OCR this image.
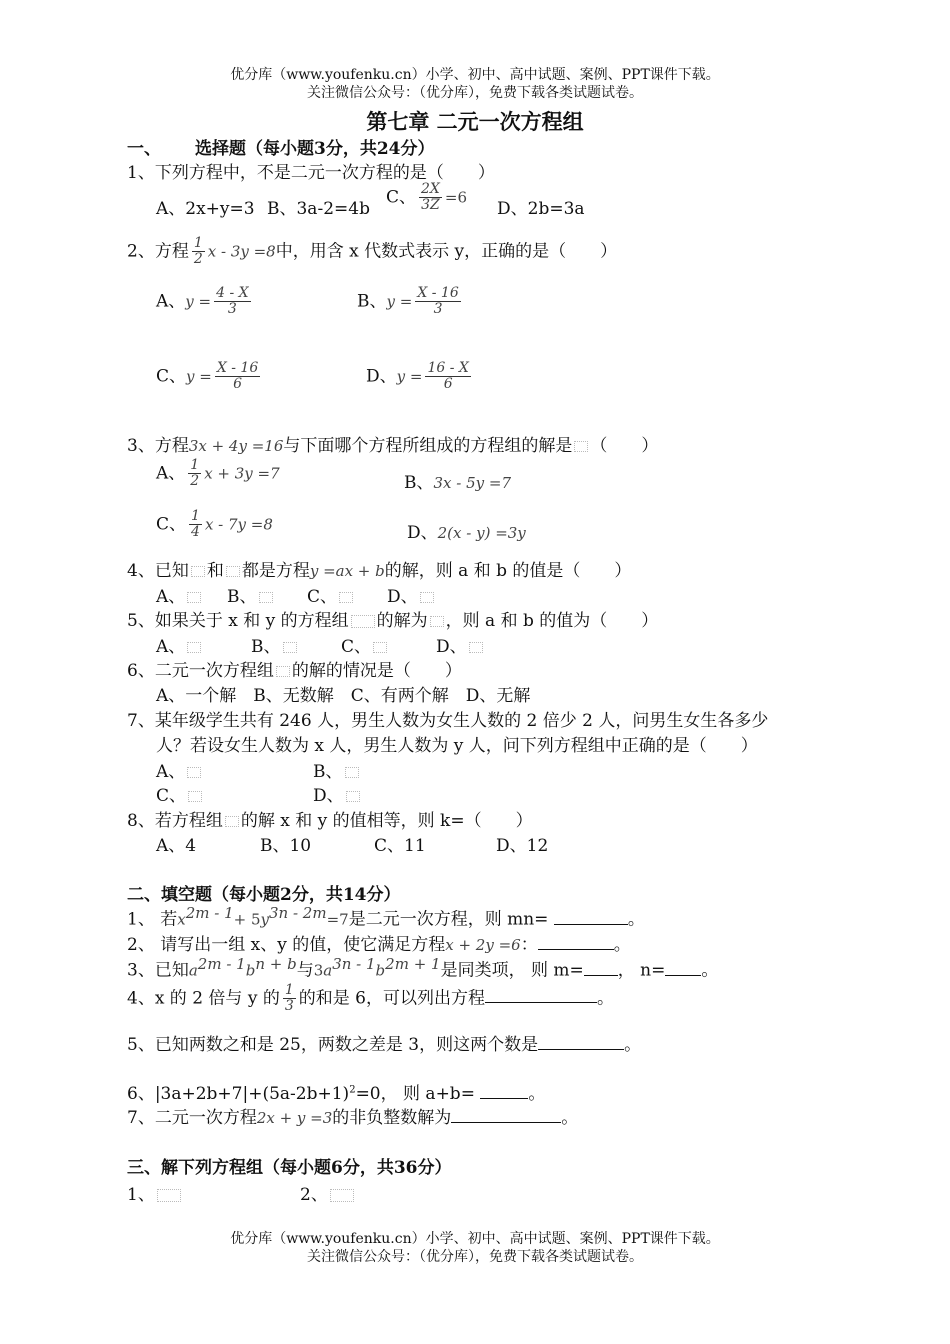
优分库（www.youfenku.cn）小学、初中、高中试题、案例、PPT课件下载。
关注微信公众号：（优分库），免费下载各类试题试卷。
第七章 二元一次方程组
一、 选择题（每小题3分，共24分）
1、下列方程中，不是二元一次方程的是（　　）
A、2x+y=3 B、3a-2=4b
C、 $\frac{2X}{3Z} =6$
D、2b=3a
2、方程 $\frac{1}{2}$ x - 3y =8中，用含 x 代数式表示 y，正确的是（　　）
A、$y = \frac{4 - X}{3}$	B、$y = \frac{X - 16}{3}$
C、$y = \frac{X - 16}{6}$	D、$y = \frac{16 - X}{6}$
3、方程3x + 4y =16与下面哪个方程所组成的方程组的解是 （　　）
A、 $\frac{1}{2}$ x + 3y =7	B、3x - 5y =7
C、 $\frac{1}{4}$ x - 7y =8	D、2(x - y) =3y
4、已知 和 都是方程y =ax + b的解，则 a 和 b 的值是（　　）
A、	B、	C、	D、
5、如果关于 x 和 y 的方程组 的解为 ，则 a 和 b 的值为（　　）
A、	B、	C、	D、
6、二元一次方程组 的解的情况是（　　）
A、一个解　B、无数解　C、有两个解　D、无解
7、某年级学生共有 246 人，男生人数为女生人数的 2 倍少 2 人，问男生女生各多少
人？若设女生人数为 x 人，男生人数为 y 人，问下列方程组中正确的是（　　）
A、	B、
C、	D、
8、若方程组 的解 x 和 y 的值相等，则 k=（　　）
A、4	B、10	C、11	D、12
二、填空题（每小题2分，共14分）
1、 若$x^{2m - 1}+ 5y^{3n - 2m}=7$是二元一次方程，则 mn=	。
2、 请写出一组 x、y 的值，使它满足方程x + 2y =6：	。
3、已知$a^{2m - 1}b^{n + b}$与$3a^{3n - 1}b^{2m + 1}$是同类项， 则 m= ， n= 。
4、x 的 2 倍与 y 的 $\frac{1}{3}$ 的和是 6，可以列出方程	。
5、已知两数之和是 25，两数之差是 3，则这两个数是	。
6、$|3a+2b+7|+(5a-2b+1)^2=0$， 则 a+b=	。
7、二元一次方程2x + y =3的非负整数解为	。
三、解下列方程组（每小题6分，共36分）
1、	2、
优分库（www.youfenku.cn）小学、初中、高中试题、案例、PPT课件下载。
关注微信公众号：（优分库），免费下载各类试题试卷。
